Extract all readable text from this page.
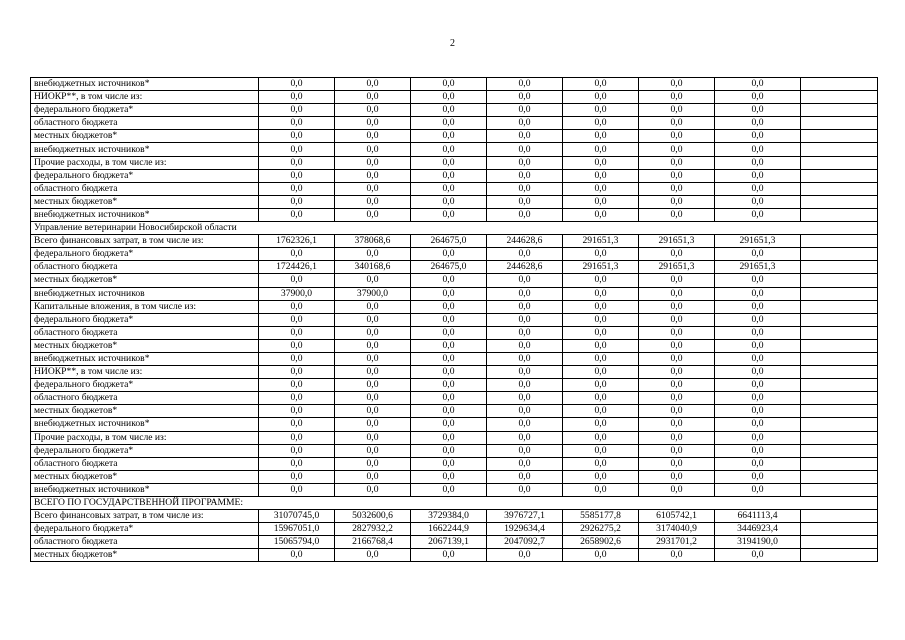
2
внебюджетных источников*	0,0	0,0	0,0	0,0	0,0	0,0	0,0	
НИОКР**, в том числе из:	0,0	0,0	0,0	0,0	0,0	0,0	0,0	
федерального бюджета*	0,0	0,0	0,0	0,0	0,0	0,0	0,0	
областного бюджета	0,0	0,0	0,0	0,0	0,0	0,0	0,0	
местных бюджетов*	0,0	0,0	0,0	0,0	0,0	0,0	0,0	
внебюджетных источников*	0,0	0,0	0,0	0,0	0,0	0,0	0,0	
Прочие расходы, в том числе из:	0,0	0,0	0,0	0,0	0,0	0,0	0,0	
федерального бюджета*	0,0	0,0	0,0	0,0	0,0	0,0	0,0	
областного бюджета	0,0	0,0	0,0	0,0	0,0	0,0	0,0	
местных бюджетов*	0,0	0,0	0,0	0,0	0,0	0,0	0,0	
внебюджетных источников*	0,0	0,0	0,0	0,0	0,0	0,0	0,0	
Управление ветеринарии Новосибирской области								
Всего финансовых затрат, в том числе из:	1762326,1	378068,6	264675,0	244628,6	291651,3	291651,3	291651,3	
федерального бюджета*	0,0	0,0	0,0	0,0	0,0	0,0	0,0	
областного бюджета	1724426,1	340168,6	264675,0	244628,6	291651,3	291651,3	291651,3	
местных бюджетов*	0,0	0,0	0,0	0,0	0,0	0,0	0,0	
внебюджетных источников	37900,0	37900,0	0,0	0,0	0,0	0,0	0,0	
Капитальные вложения, в том числе из:	0,0	0,0	0,0	0,0	0,0	0,0	0,0	
федерального бюджета*	0,0	0,0	0,0	0,0	0,0	0,0	0,0	
областного бюджета	0,0	0,0	0,0	0,0	0,0	0,0	0,0	
местных бюджетов*	0,0	0,0	0,0	0,0	0,0	0,0	0,0	
внебюджетных источников*	0,0	0,0	0,0	0,0	0,0	0,0	0,0	
НИОКР**, в том числе из:	0,0	0,0	0,0	0,0	0,0	0,0	0,0	
федерального бюджета*	0,0	0,0	0,0	0,0	0,0	0,0	0,0	
областного бюджета	0,0	0,0	0,0	0,0	0,0	0,0	0,0	
местных бюджетов*	0,0	0,0	0,0	0,0	0,0	0,0	0,0	
внебюджетных источников*	0,0	0,0	0,0	0,0	0,0	0,0	0,0	
Прочие расходы, в том числе из:	0,0	0,0	0,0	0,0	0,0	0,0	0,0	
федерального бюджета*	0,0	0,0	0,0	0,0	0,0	0,0	0,0	
областного бюджета	0,0	0,0	0,0	0,0	0,0	0,0	0,0	
местных бюджетов*	0,0	0,0	0,0	0,0	0,0	0,0	0,0	
внебюджетных источников*	0,0	0,0	0,0	0,0	0,0	0,0	0,0	
ВСЕГО ПО ГОСУДАРСТВЕННОЙ ПРОГРАММЕ:								
Всего финансовых затрат, в том числе из:	31070745,0	5032600,6	3729384,0	3976727,1	5585177,8	6105742,1	6641113,4	
федерального бюджета*	15967051,0	2827932,2	1662244,9	1929634,4	2926275,2	3174040,9	3446923,4	
областного бюджета	15065794,0	2166768,4	2067139,1	2047092,7	2658902,6	2931701,2	3194190,0	
местных бюджетов*	0,0	0,0	0,0	0,0	0,0	0,0	0,0	
